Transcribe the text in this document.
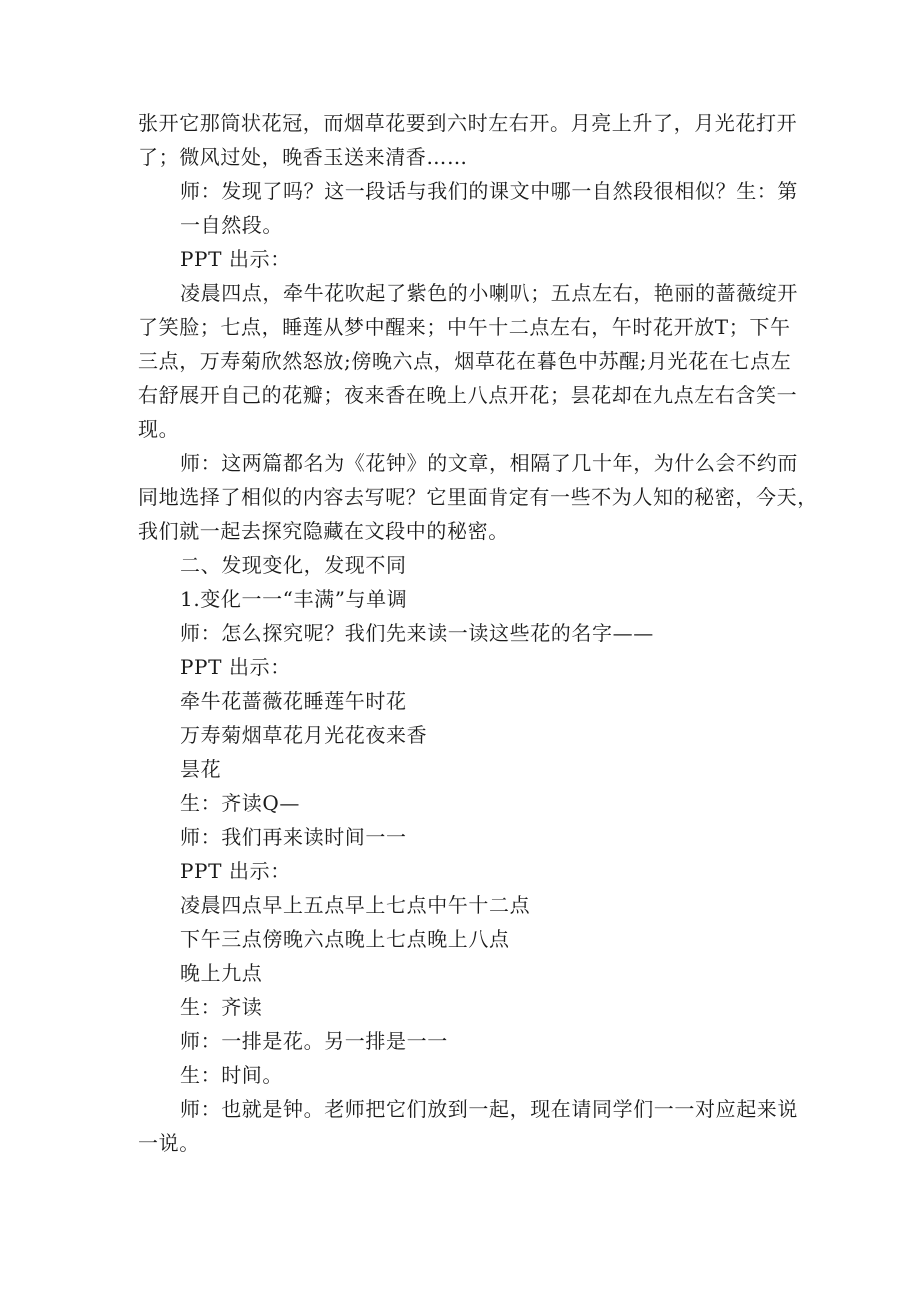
张开它那筒状花冠，而烟草花要到六时左右开。月亮上升了，月光花打开
了；微风过处，晚香玉送来清香……
师：发现了吗？这一段话与我们的课文中哪一自然段很相似？生：第
一自然段。
PPT 出示：
凌晨四点，牵牛花吹起了紫色的小喇叭；五点左右，艳丽的蔷薇绽开
了笑脸；七点，睡莲从梦中醒来；中午十二点左右，午时花开放T；下午
三点，万寿菊欣然怒放;傍晚六点，烟草花在暮色中苏醒;月光花在七点左
右舒展开自己的花瓣；夜来香在晚上八点开花；昙花却在九点左右含笑一
现。
师：这两篇都名为《花钟》的文章，相隔了几十年，为什么会不约而
同地选择了相似的内容去写呢？它里面肯定有一些不为人知的秘密，今天，
我们就一起去探究隐藏在文段中的秘密。
二、发现变化，发现不同
1.变化一一“丰满”与单调
师：怎么探究呢？我们先来读一读这些花的名字——
PPT 出示：
牵牛花蔷薇花睡莲午时花
万寿菊烟草花月光花夜来香
昙花
生：齐读Q—
师：我们再来读时间一一
PPT 出示：
凌晨四点早上五点早上七点中午十二点
下午三点傍晚六点晚上七点晚上八点
晚上九点
生：齐读
师：一排是花。另一排是一一
生：时间。
师：也就是钟。老师把它们放到一起，现在请同学们一一对应起来说
一说。
